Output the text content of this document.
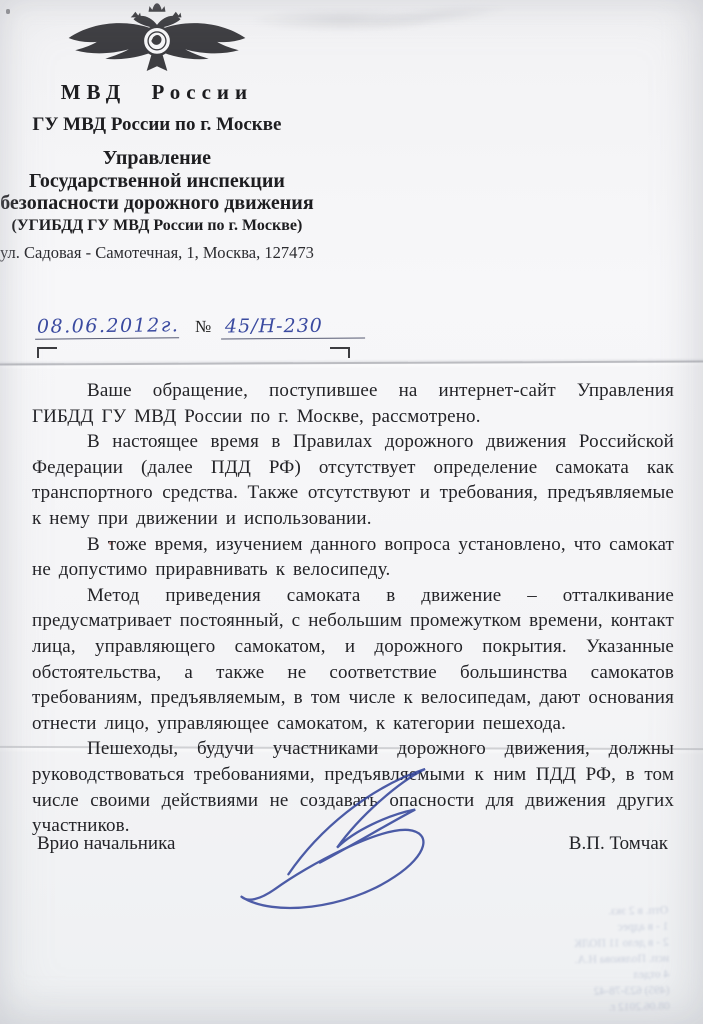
МВД России
ГУ МВД России по г. Москве
Управление
Государственной инспекции
безопасности дорожного движения
(УГИБДД ГУ МВД России по г. Москве)
ул. Садовая - Самотечная, 1, Москва, 127473
08.06.2012г. № 45/Н-230

Ваше обращение, поступившее на интернет-сайт Управления ГИБДД ГУ МВД России по г. Москве, рассмотрено.

В настоящее время в Правилах дорожного движения Российской Федерации (далее ПДД РФ) отсутствует определение самоката как транспортного средства. Также отсутствуют и требования, предъявляемые к нему при движении и использовании.

В тоже время, изучением данного вопроса установлено, что самокат не допустимо приравнивать к велосипеду.

Метод приведения самоката в движение – отталкивание предусматривает постоянный, с небольшим промежутком времени, контакт лица, управляющего самокатом, и дорожного покрытия. Указанные обстоятельства, а также не соответствие большинства самокатов требованиям, предъявляемым, в том числе к велосипедам, дают основания отнести лицо, управляющее самокатом, к категории пешехода.

Пешеходы, будучи участниками дорожного движения, должны руководствоваться требованиями, предъявляемыми к ним ПДД РФ, в том числе своими действиями не создавать опасности для движения других участников.

Врио начальника	В.П. Томчак
Отп. в 2 экз.
1 - в адрес
2 - в дело 11 ПОЛК
исп. Полякова Н.А.
4 отдел
(495) 623-78-42
08.06.2012 г.
